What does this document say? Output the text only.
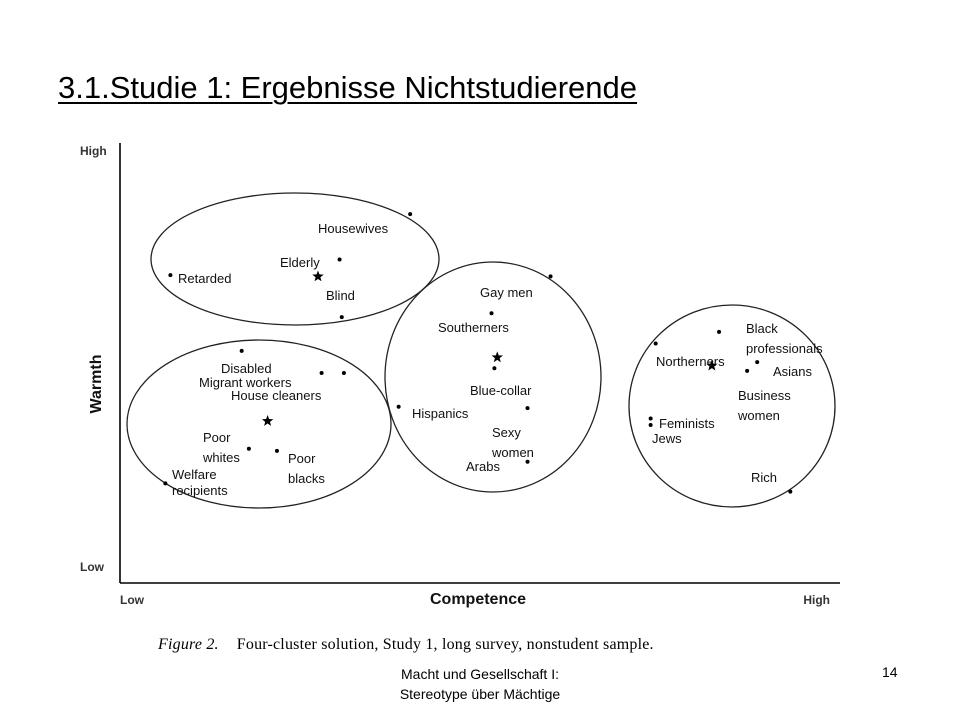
3.1.Studie 1: Ergebnisse Nichtstudierende
High
Low
Low	High
Competence
Warmth
Housewives
Elderly
Retarded
Blind	Gay men
Southerners
Blue-collar
Hispanics
Sexy
women
Arabs
Disabled
Migrant workers
House cleaners
Poor
whites	Poor
blacks
Welfare
recipients
Black
professionals
Northerners
Asians
Business
women
Feminists
Jews
Rich
Figure 2. Four-cluster solution, Study 1, long survey, nonstudent sample.
Macht und Gesellschaft I:
Stereotype über Mächtige
14
